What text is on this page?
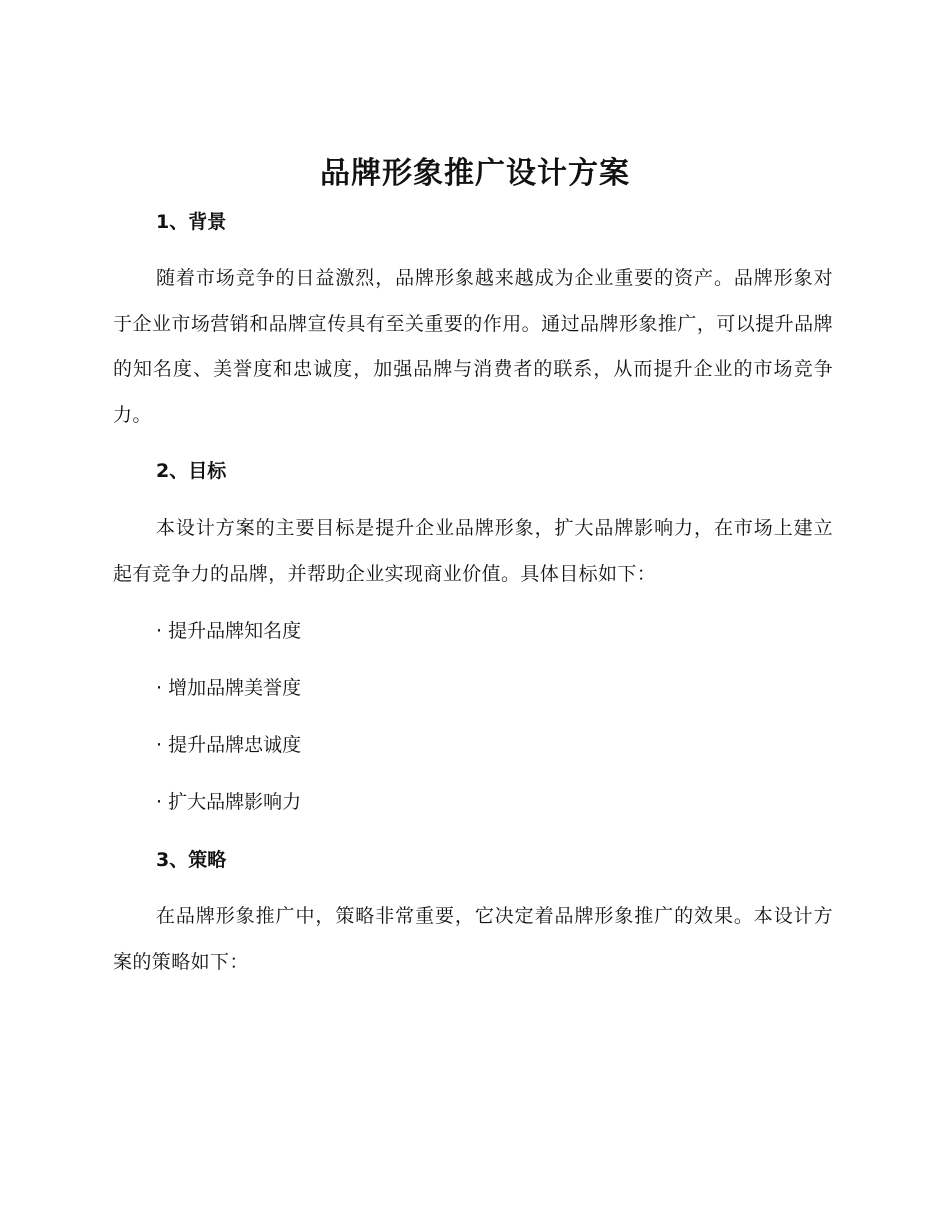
品牌形象推广设计方案
1、背景

随着市场竞争的日益激烈，品牌形象越来越成为企业重要的资产。品牌形象对于企业市场营销和品牌宣传具有至关重要的作用。通过品牌形象推广，可以提升品牌的知名度、美誉度和忠诚度，加强品牌与消费者的联系，从而提升企业的市场竞争力。

2、目标

本设计方案的主要目标是提升企业品牌形象，扩大品牌影响力，在市场上建立起有竞争力的品牌，并帮助企业实现商业价值。具体目标如下：

· 提升品牌知名度

· 增加品牌美誉度

· 提升品牌忠诚度

· 扩大品牌影响力

3、策略

在品牌形象推广中，策略非常重要，它决定着品牌形象推广的效果。本设计方案的策略如下：
